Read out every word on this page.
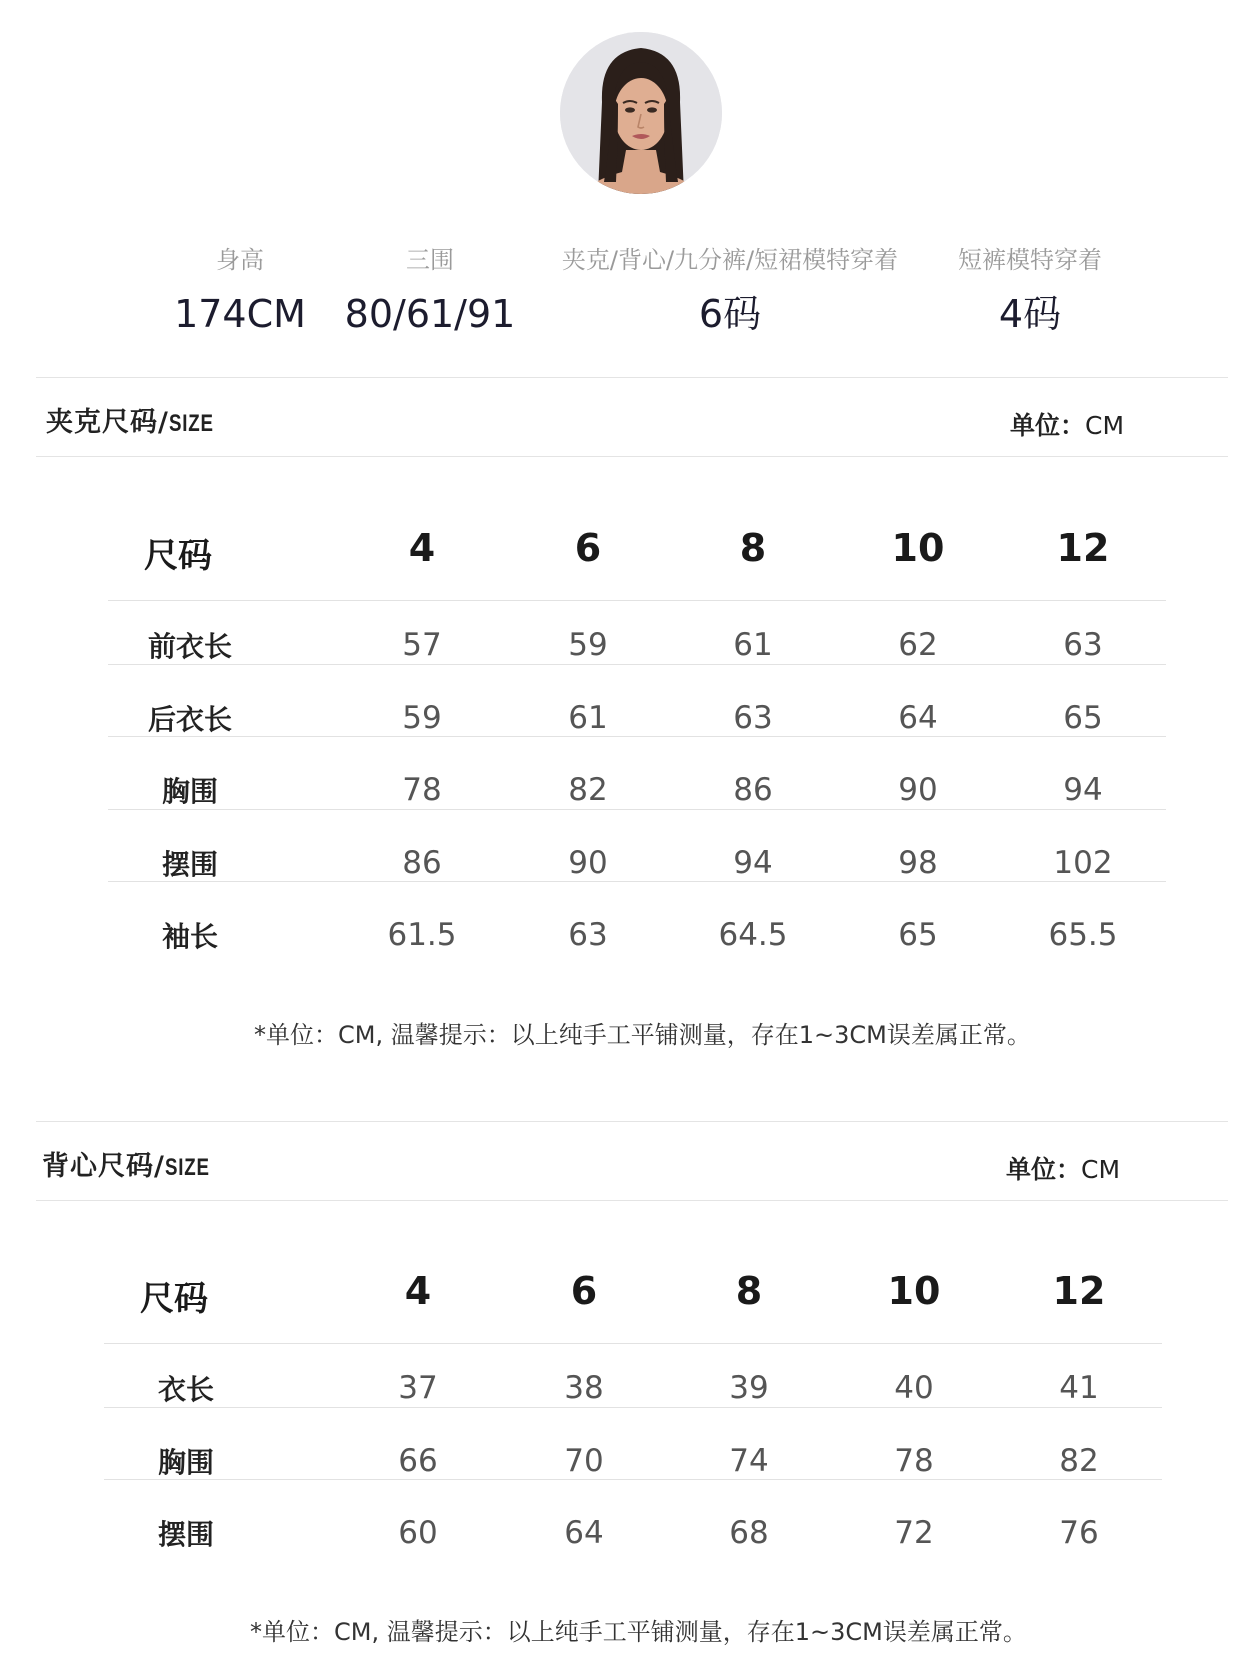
身高
174CM
三围
80/61/91
夹克/背心/九分裤/短裙模特穿着
6码
短裤模特穿着
4码
夹克尺码/SIZE	单位：CM
尺码	4	6	8	10	12
前衣长	57	59	61	62	63
后衣长	59	61	63	64	65
胸围	78	82	86	90	94
摆围	86	90	94	98	102
袖长	61.5	63	64.5	65	65.5
*单位：CM, 温馨提示：以上纯手工平铺测量，存在1~3CM误差属正常。
背心尺码/SIZE	单位：CM
尺码	4	6	8	10	12
衣长	37	38	39	40	41
胸围	66	70	74	78	82
摆围	60	64	68	72	76
*单位：CM, 温馨提示：以上纯手工平铺测量，存在1~3CM误差属正常。
